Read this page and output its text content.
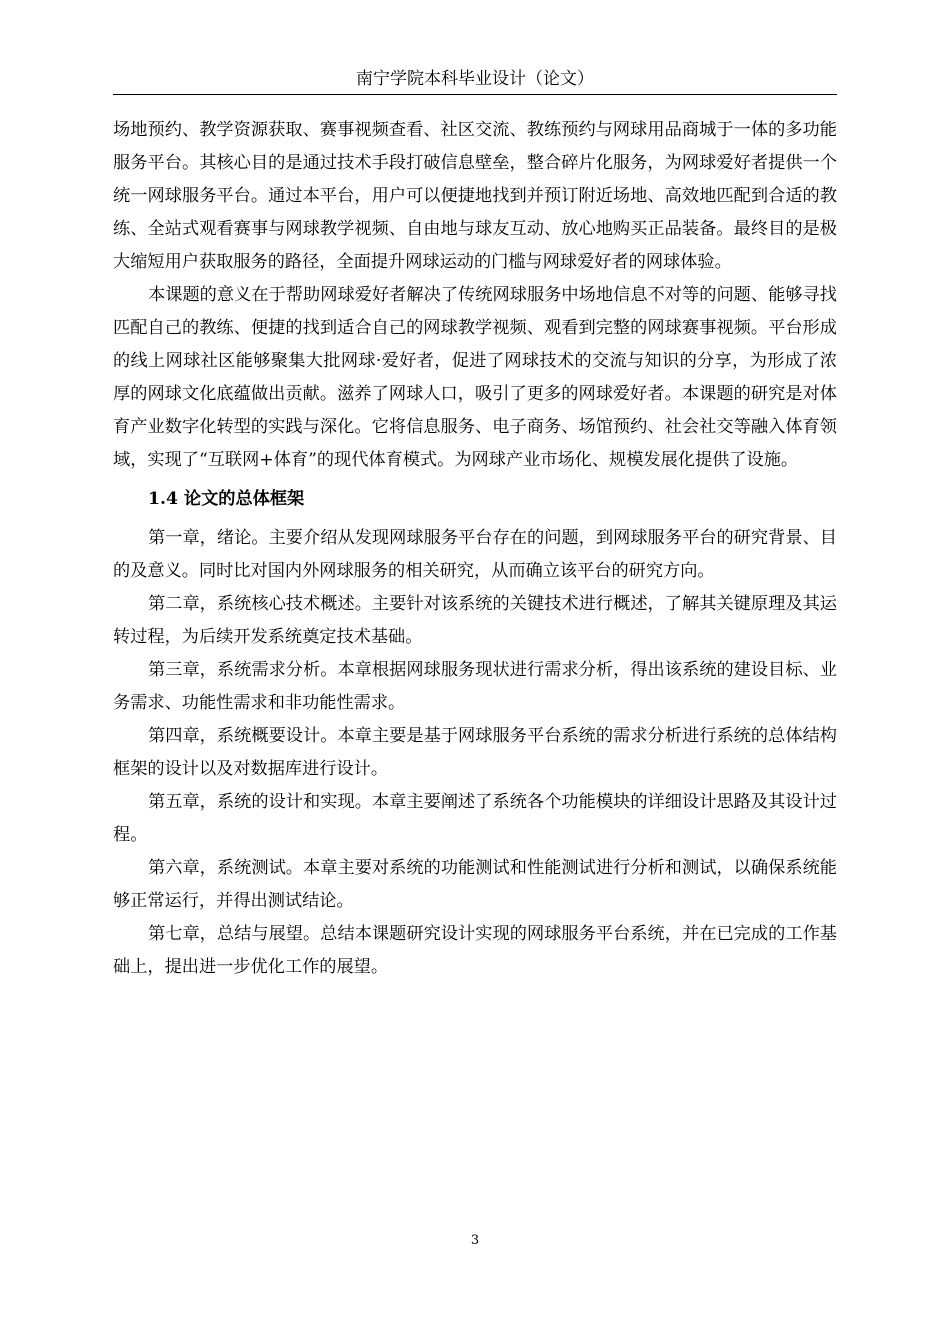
南宁学院本科毕业设计（论文）

场地预约、教学资源获取、赛事视频查看、社区交流、教练预约与网球用品商城于一体的多功能服务平台。其核心目的是通过技术手段打破信息壁垒，整合碎片化服务，为网球爱好者提供一个统一网球服务平台。通过本平台，用户可以便捷地找到并预订附近场地、高效地匹配到合适的教练、全站式观看赛事与网球教学视频、自由地与球友互动、放心地购买正品装备。最终目的是极大缩短用户获取服务的路径，全面提升网球运动的门槛与网球爱好者的网球体验。

本课题的意义在于帮助网球爱好者解决了传统网球服务中场地信息不对等的问题、能够寻找匹配自己的教练、便捷的找到适合自己的网球教学视频、观看到完整的网球赛事视频。平台形成的线上网球社区能够聚集大批网球·爱好者，促进了网球技术的交流与知识的分享，为形成了浓厚的网球文化底蕴做出贡献。滋养了网球人口，吸引了更多的网球爱好者。本课题的研究是对体育产业数字化转型的实践与深化。它将信息服务、电子商务、场馆预约、社会社交等融入体育领域，实现了“互联网+体育”的现代体育模式。为网球产业市场化、规模发展化提供了设施。

1.4 论文的总体框架

第一章，绪论。主要介绍从发现网球服务平台存在的问题，到网球服务平台的研究背景、目的及意义。同时比对国内外网球服务的相关研究，从而确立该平台的研究方向。

第二章，系统核心技术概述。主要针对该系统的关键技术进行概述，了解其关键原理及其运转过程，为后续开发系统奠定技术基础。

第三章，系统需求分析。本章根据网球服务现状进行需求分析，得出该系统的建设目标、业务需求、功能性需求和非功能性需求。

第四章，系统概要设计。本章主要是基于网球服务平台系统的需求分析进行系统的总体结构框架的设计以及对数据库进行设计。

第五章，系统的设计和实现。本章主要阐述了系统各个功能模块的详细设计思路及其设计过程。

第六章，系统测试。本章主要对系统的功能测试和性能测试进行分析和测试，以确保系统能够正常运行，并得出测试结论。

第七章，总结与展望。总结本课题研究设计实现的网球服务平台系统，并在已完成的工作基础上，提出进一步优化工作的展望。

3
